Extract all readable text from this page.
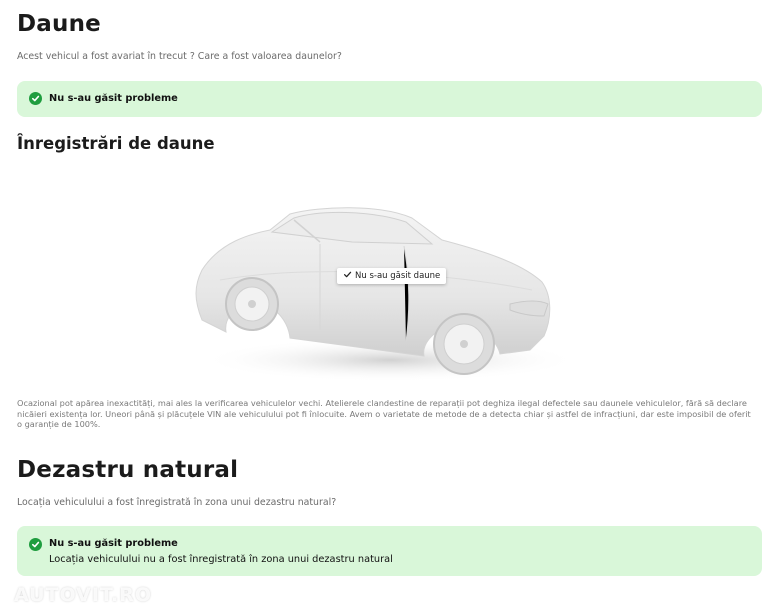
Daune

Acest vehicul a fost avariat în trecut ? Care a fost valoarea daunelor?

Nu s-au găsit probleme
Înregistrări de daune

Ocazional pot apărea inexactități, mai ales la verificarea vehiculelor vechi. Atelierele clandestine de reparații pot deghiza ilegal defectele sau daunele vehiculelor, fără să declare nicăieri existența lor. Uneori până și plăcuțele VIN ale vehiculului pot fi înlocuite. Avem o varietate de metode de a detecta chiar și astfel de infracțiuni, dar este imposibil de oferit o garanție de 100%.

Dezastru natural

Locația vehiculului a fost înregistrată în zona unui dezastru natural?

Nu s-au găsit probleme
Locația vehiculului nu a fost înregistrată în zona unui dezastru natural
Nu s-au găsit daune
AUTOVIT.RO
